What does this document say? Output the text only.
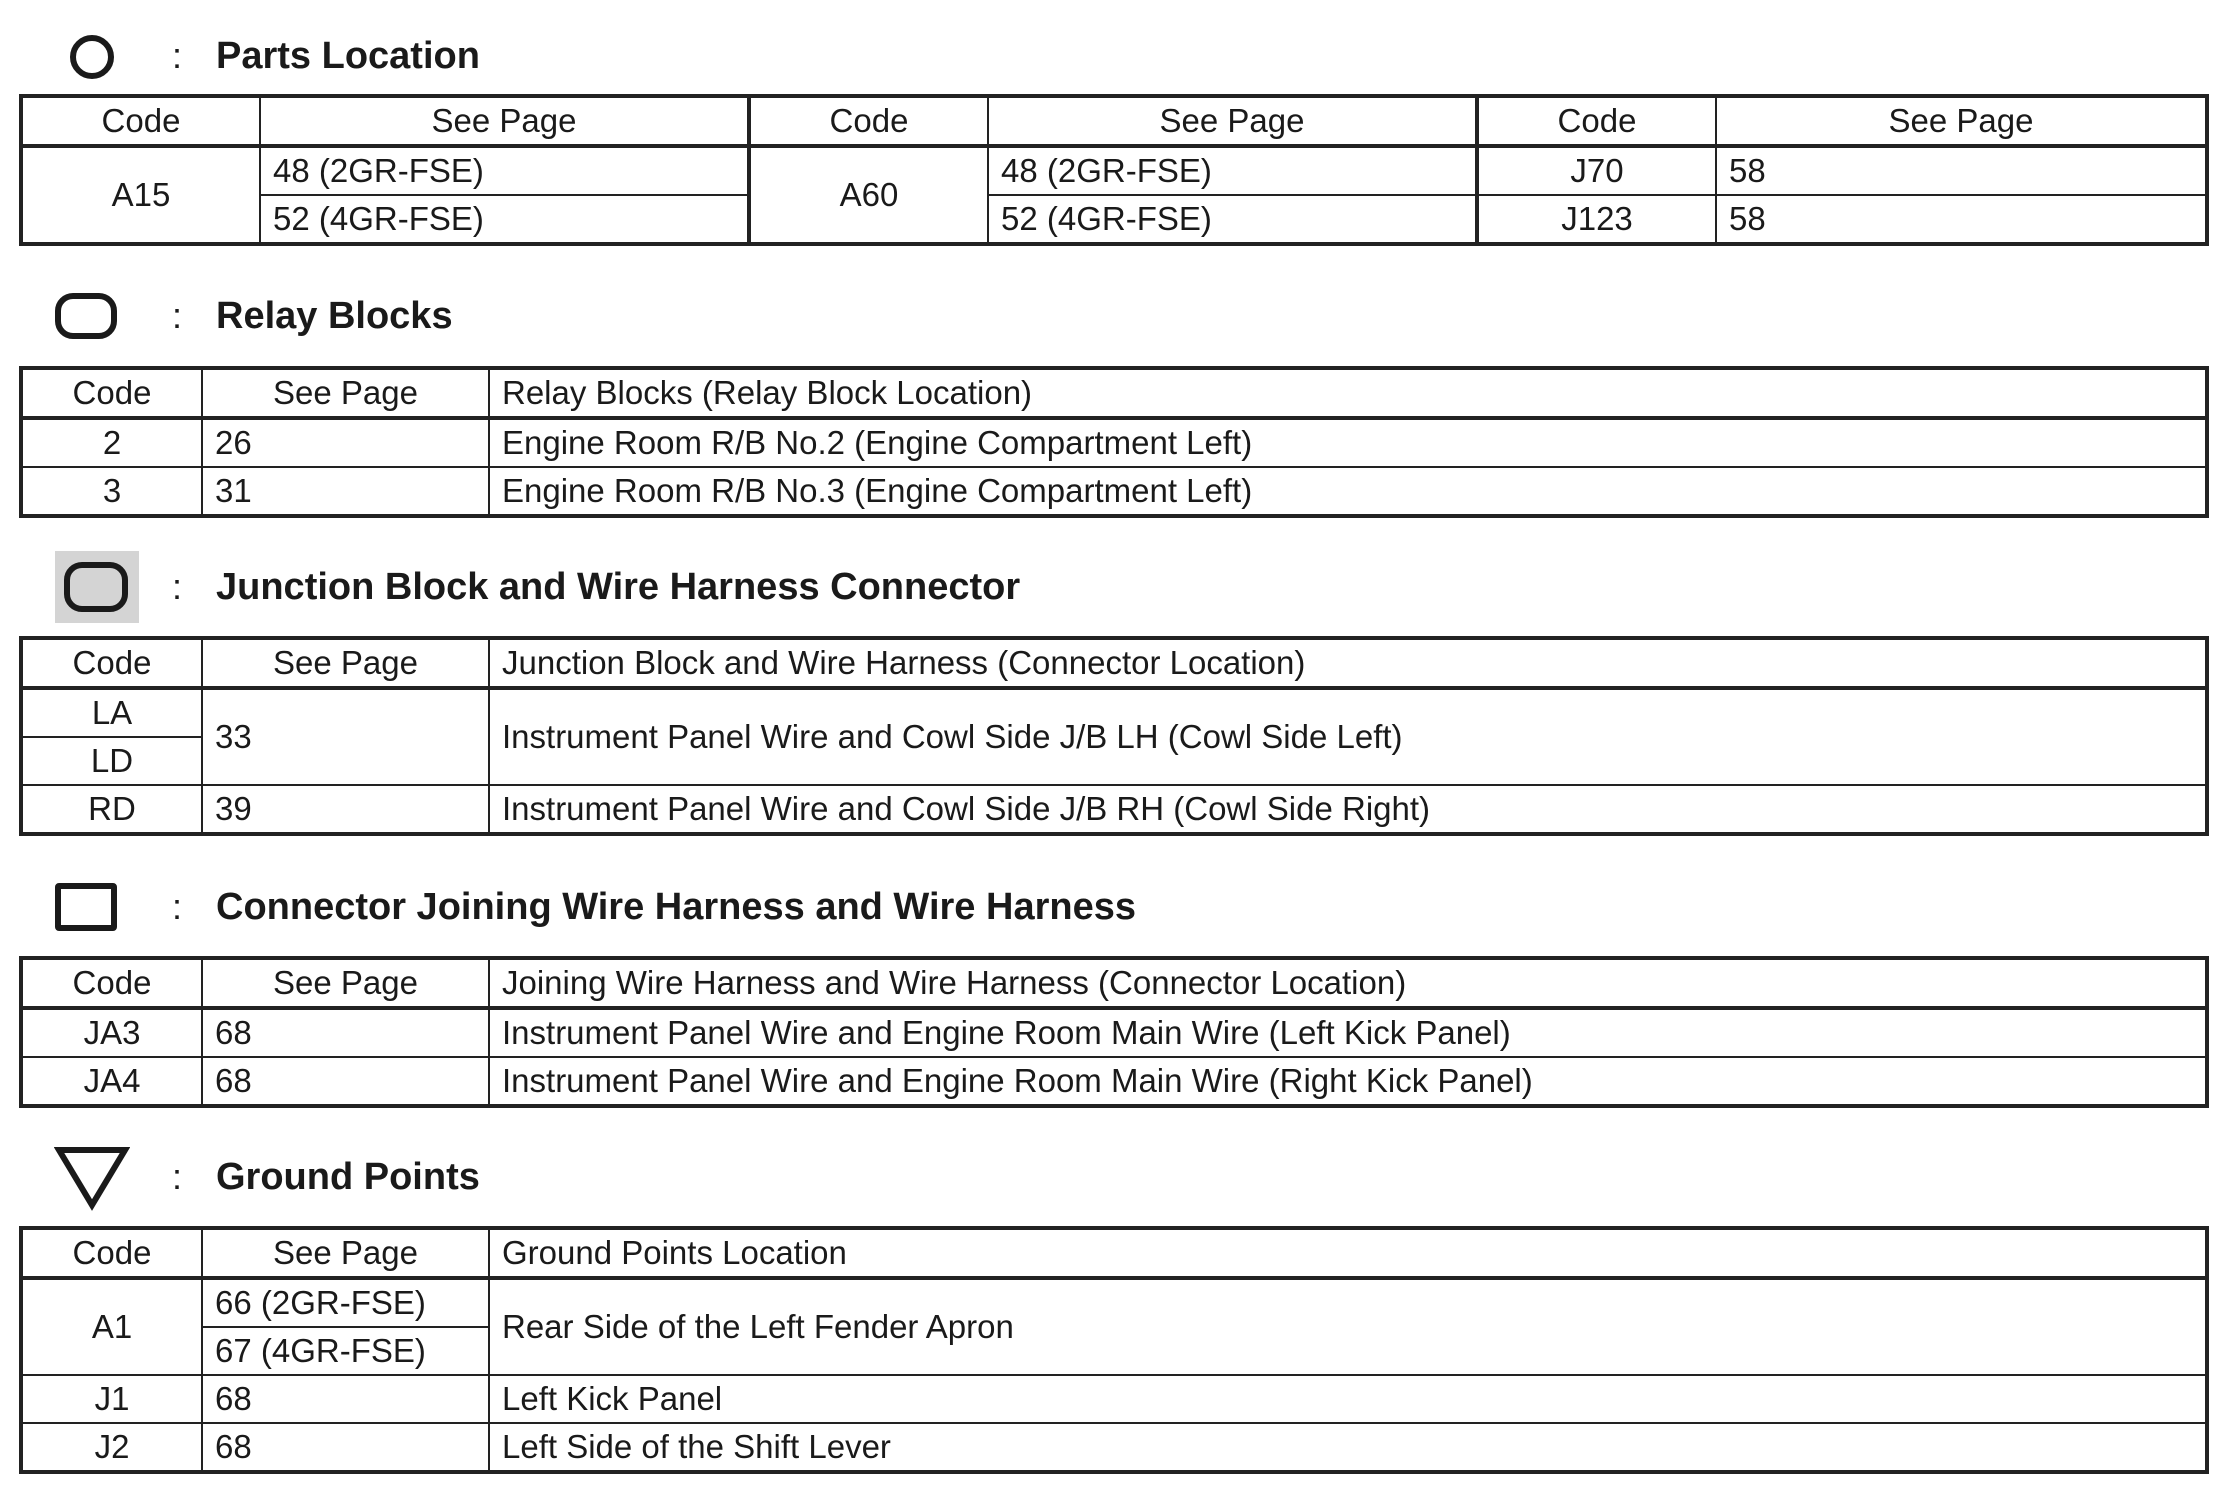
: Parts Location
Code	See Page	Code	See Page	Code	See Page
A15	48 (2GR-FSE)	A60	48 (2GR-FSE)	J70	58
	52 (4GR-FSE)		52 (4GR-FSE)	J123	58
: Relay Blocks
Code	See Page	Relay Blocks (Relay Block Location)
2	26	Engine Room R/B No.2 (Engine Compartment Left)
3	31	Engine Room R/B No.3 (Engine Compartment Left)
: Junction Block and Wire Harness Connector
Code	See Page	Junction Block and Wire Harness (Connector Location)
LA	33	Instrument Panel Wire and Cowl Side J/B LH (Cowl Side Left)
LD		
RD	39	Instrument Panel Wire and Cowl Side J/B RH (Cowl Side Right)
: Connector Joining Wire Harness and Wire Harness
Code	See Page	Joining Wire Harness and Wire Harness (Connector Location)
JA3	68	Instrument Panel Wire and Engine Room Main Wire (Left Kick Panel)
JA4	68	Instrument Panel Wire and Engine Room Main Wire (Right Kick Panel)
: Ground Points
Code	See Page	Ground Points Location
A1	66 (2GR-FSE)	Rear Side of the Left Fender Apron
	67 (4GR-FSE)	
J1	68	Left Kick Panel
J2	68	Left Side of the Shift Lever
